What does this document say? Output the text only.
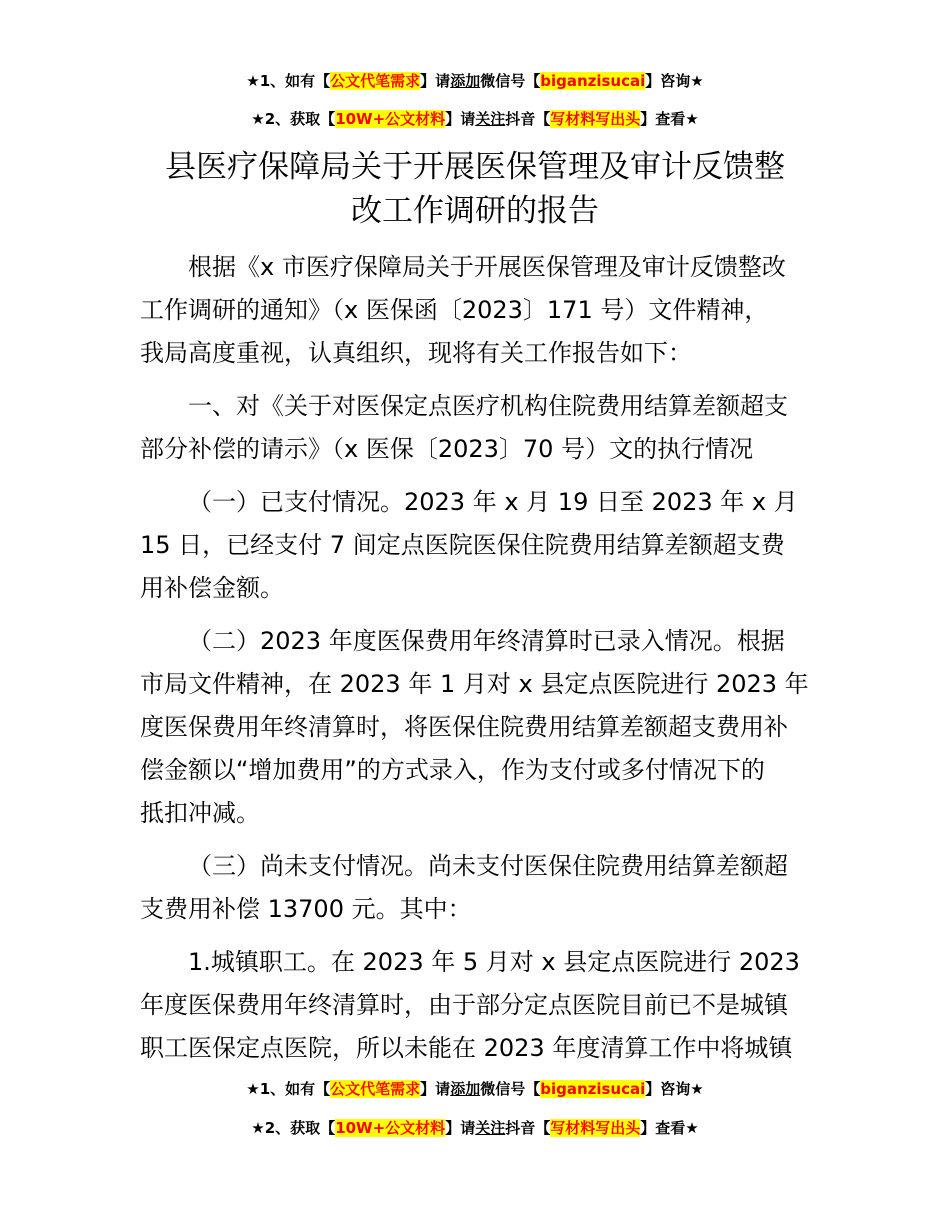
★1、如有【公文代笔需求】请添加微信号【biganzisucai】咨询★
★2、获取【10W+公文材料】请关注抖音【写材料写出头】查看★
县医疗保障局关于开展医保管理及审计反馈整
改工作调研的报告
根据《x 市医疗保障局关于开展医保管理及审计反馈整改
工作调研的通知》（x 医保函〔2023〕171 号）文件精神，
我局高度重视，认真组织，现将有关工作报告如下：
一、对《关于对医保定点医疗机构住院费用结算差额超支
部分补偿的请示》（x 医保〔2023〕70 号）文的执行情况
（一）已支付情况。2023 年 x 月 19 日至 2023 年 x 月
15 日，已经支付 7 间定点医院医保住院费用结算差额超支费
用补偿金额。
（二）2023 年度医保费用年终清算时已录入情况。根据
市局文件精神，在 2023 年 1 月对 x 县定点医院进行 2023 年
度医保费用年终清算时，将医保住院费用结算差额超支费用补
偿金额以“增加费用”的方式录入，作为支付或多付情况下的
抵扣冲减。
（三）尚未支付情况。尚未支付医保住院费用结算差额超
支费用补偿 13700 元。其中：
1.城镇职工。在 2023 年 5 月对 x 县定点医院进行 2023
年度医保费用年终清算时，由于部分定点医院目前已不是城镇
职工医保定点医院，所以未能在 2023 年度清算工作中将城镇
★1、如有【公文代笔需求】请添加微信号【biganzisucai】咨询★
★2、获取【10W+公文材料】请关注抖音【写材料写出头】查看★
